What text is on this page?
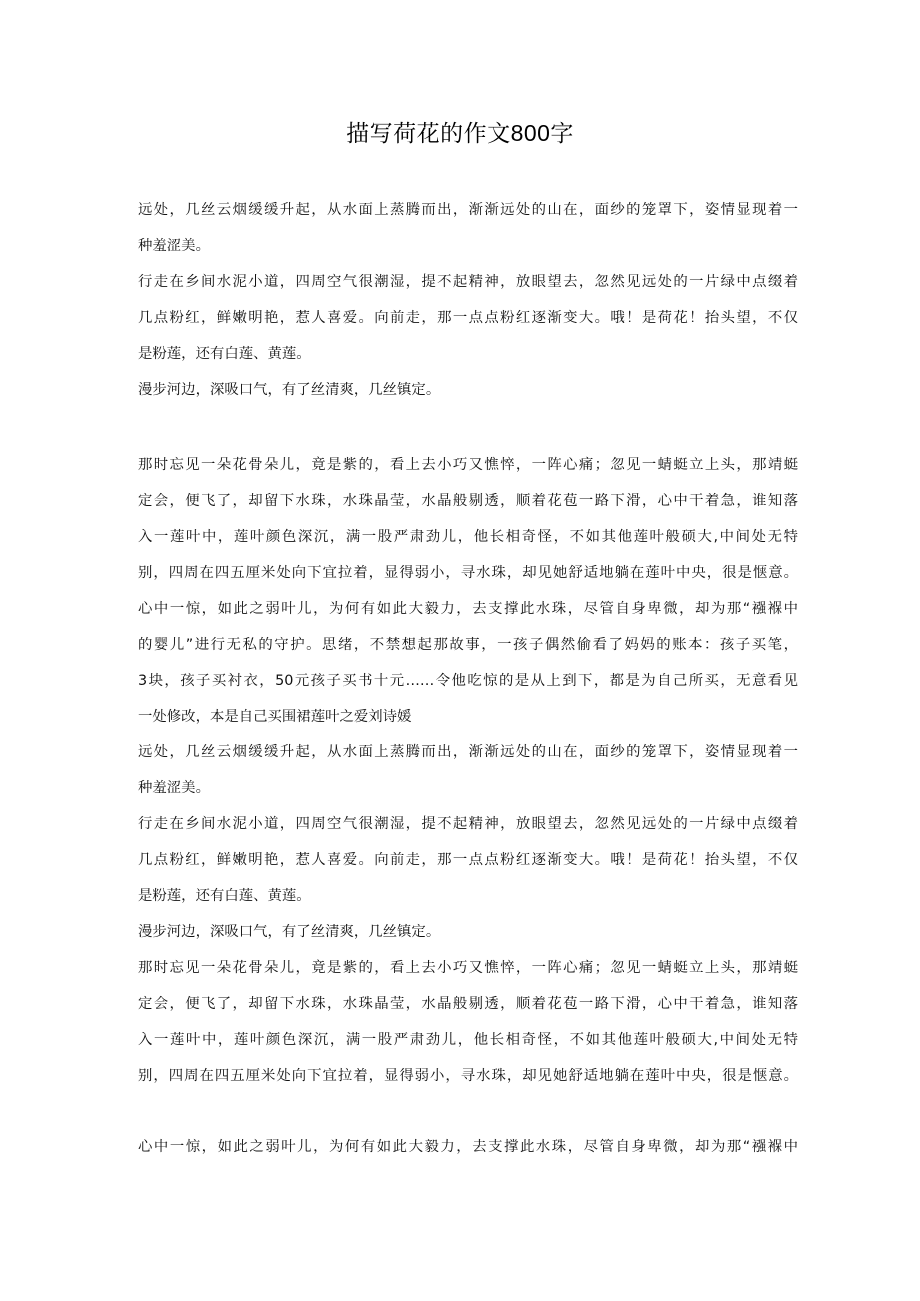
描写荷花的作文800字
远处，几丝云烟缓缓升起，从水面上蒸腾而出，渐渐远处的山在，面纱的笼罩下，姿情显现着一
种羞涩美。
行走在乡间水泥小道，四周空气很潮湿，提不起精神，放眼望去，忽然见远处的一片绿中点缀着
几点粉红，鲜嫩明艳，惹人喜爱。向前走，那一点点粉红逐渐变大。哦！是荷花！抬头望，不仅
是粉莲，还有白莲、黄莲。
漫步河边，深吸口气，有了丝清爽，几丝镇定。
那时忘见一朵花骨朵儿，竟是紫的，看上去小巧又憔悴，一阵心痛；忽见一蜻蜓立上头，那靖蜓
定会，便飞了，却留下水珠，水珠晶莹，水晶般剔透，顺着花苞一路下滑，心中干着急，谁知落
入一莲叶中，莲叶颜色深沉，满一股严肃劲儿，他长相奇怪，不如其他莲叶般硕大,中间处无特
别，四周在四五厘米处向下宜拉着，显得弱小，寻水珠，却见她舒适地躺在莲叶中央，很是惬意。
心中一惊，如此之弱叶儿，为何有如此大毅力，去支撑此水珠，尽管自身卑微，却为那“襁褓中
的婴儿”进行无私的守护。思绪，不禁想起那故事，一孩子偶然偷看了妈妈的账本：孩子买笔，
3块，孩子买衬衣，50元孩子买书十元……令他吃惊的是从上到下，都是为自己所买，无意看见
一处修改，本是自己买围裙莲叶之爱刘诗媛
远处，几丝云烟缓缓升起，从水面上蒸腾而出，渐渐远处的山在，面纱的笼罩下，姿情显现着一
种羞涩美。
行走在乡间水泥小道，四周空气很潮湿，提不起精神，放眼望去，忽然见远处的一片绿中点缀着
几点粉红，鲜嫩明艳，惹人喜爱。向前走，那一点点粉红逐渐变大。哦！是荷花！抬头望，不仅
是粉莲，还有白莲、黄莲。
漫步河边，深吸口气，有了丝清爽，几丝镇定。
那时忘见一朵花骨朵儿，竟是紫的，看上去小巧又憔悴，一阵心痛；忽见一蜻蜓立上头，那靖蜓
定会，便飞了，却留下水珠，水珠晶莹，水晶般剔透，顺着花苞一路下滑，心中干着急，谁知落
入一莲叶中，莲叶颜色深沉，满一股严肃劲儿，他长相奇怪，不如其他莲叶般硕大,中间处无特
别，四周在四五厘米处向下宜拉着，显得弱小，寻水珠，却见她舒适地躺在莲叶中央，很是惬意。
心中一惊，如此之弱叶儿，为何有如此大毅力，去支撑此水珠，尽管自身卑微，却为那“襁褓中
